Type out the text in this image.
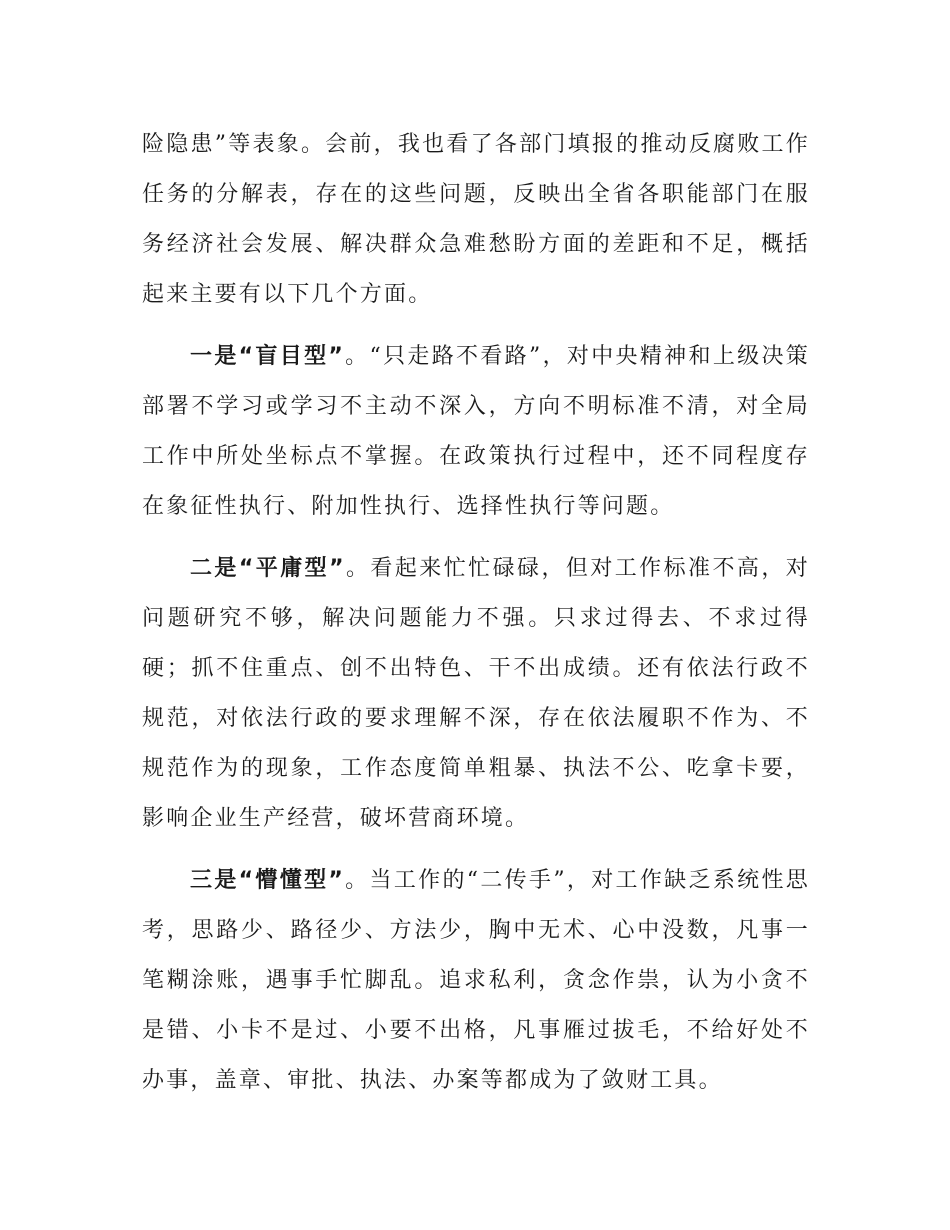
险隐患”等表象。会前，我也看了各部门填报的推动反腐败工作任务的分解表，存在的这些问题，反映出全省各职能部门在服务经济社会发展、解决群众急难愁盼方面的差距和不足，概括起来主要有以下几个方面。

一是“盲目型”。“只走路不看路”，对中央精神和上级决策部署不学习或学习不主动不深入，方向不明标准不清，对全局工作中所处坐标点不掌握。在政策执行过程中，还不同程度存在象征性执行、附加性执行、选择性执行等问题。

二是“平庸型”。看起来忙忙碌碌，但对工作标准不高，对问题研究不够，解决问题能力不强。只求过得去、不求过得硬；抓不住重点、创不出特色、干不出成绩。还有依法行政不规范，对依法行政的要求理解不深，存在依法履职不作为、不规范作为的现象，工作态度简单粗暴、执法不公、吃拿卡要，影响企业生产经营，破坏营商环境。

三是“懵懂型”。当工作的“二传手”，对工作缺乏系统性思考，思路少、路径少、方法少，胸中无术、心中没数，凡事一笔糊涂账，遇事手忙脚乱。追求私利，贪念作祟，认为小贪不是错、小卡不是过、小要不出格，凡事雁过拔毛，不给好处不办事，盖章、审批、执法、办案等都成为了敛财工具。
